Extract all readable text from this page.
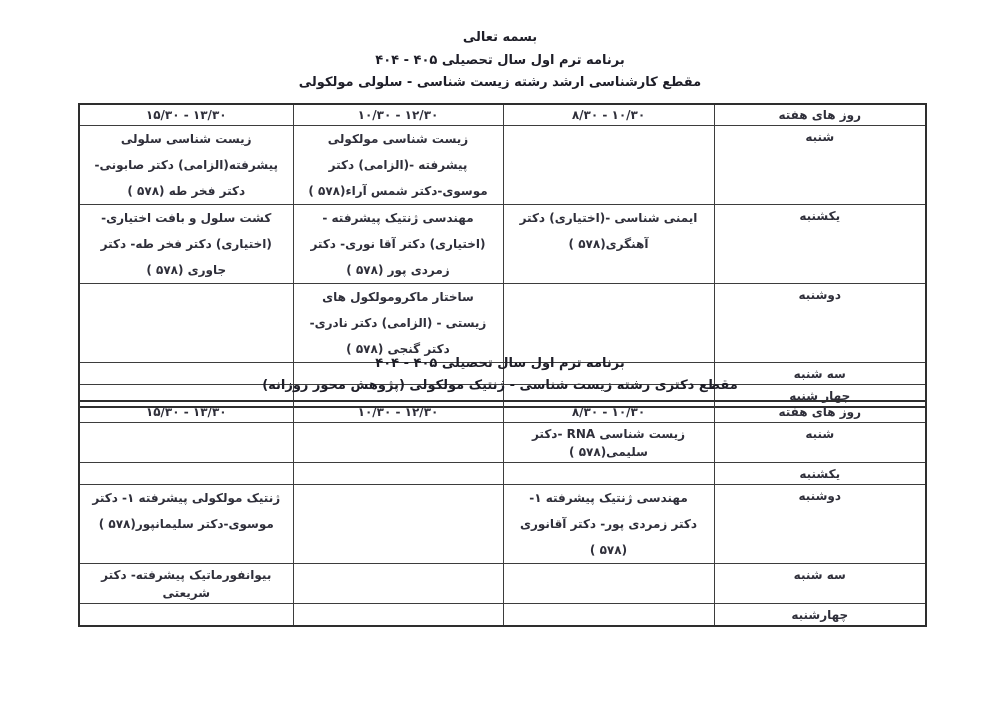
بسمه تعالی
برنامه ترم اول سال تحصیلی ۴۰۵ - ۴۰۴
مقطع کارشناسی ارشد رشته زیست شناسی - سلولی مولکولی
روز های هفته	۸/۳۰ - ۱۰/۳۰	۱۰/۳۰ - ۱۲/۳۰	۱۵/۳۰ - ۱۳/۳۰
شنبه		زیست شناسی مولکولی پیشرفته -(الزامی) دکتر موسوی-دکتر شمس آراء(۵۷۸ )	زیست شناسی سلولی پیشرفته(الزامی) دکتر صابونی- دکتر فخر طه (۵۷۸ )
یکشنبه	ایمنی شناسی -(اختیاری) دکتر آهنگری(۵۷۸ )	مهندسی ژنتیک پیشرفته - (اختیاری) دکتر آقا نوری- دکتر زمردی پور (۵۷۸ )	کشت سلول و بافت اختیاری-(اختیاری) دکتر فخر طه- دکتر جاوری (۵۷۸ )
دوشنبه		ساختار ماکرومولکول های زیستی - (الزامی) دکتر نادری-دکتر گنجی (۵۷۸ )	
سه شنبه			
چهار شنبه			
برنامه ترم اول سال تحصیلی ۴۰۵ - ۴۰۴
مقطع دکتری رشته زیست شناسی - ژنتیک مولکولی (پژوهش محور روزانه)
روز های هفته	۸/۳۰ - ۱۰/۳۰	۱۰/۳۰ - ۱۲/۳۰	۱۵/۳۰ - ۱۳/۳۰
شنبه	زیست شناسی RNA -دکتر سلیمی(۵۷۸ )		
یکشنبه			
دوشنبه	مهندسی ژنتیک پیشرفته ۱- دکتر زمردی پور- دکتر آقانوری (۵۷۸ )		ژنتیک مولکولی پیشرفته ۱- دکتر موسوی-دکتر سلیمانپور(۵۷۸ )
سه شنبه			بیوانفورماتیک پیشرفته- دکتر شریعتی
چهارشنبه			
